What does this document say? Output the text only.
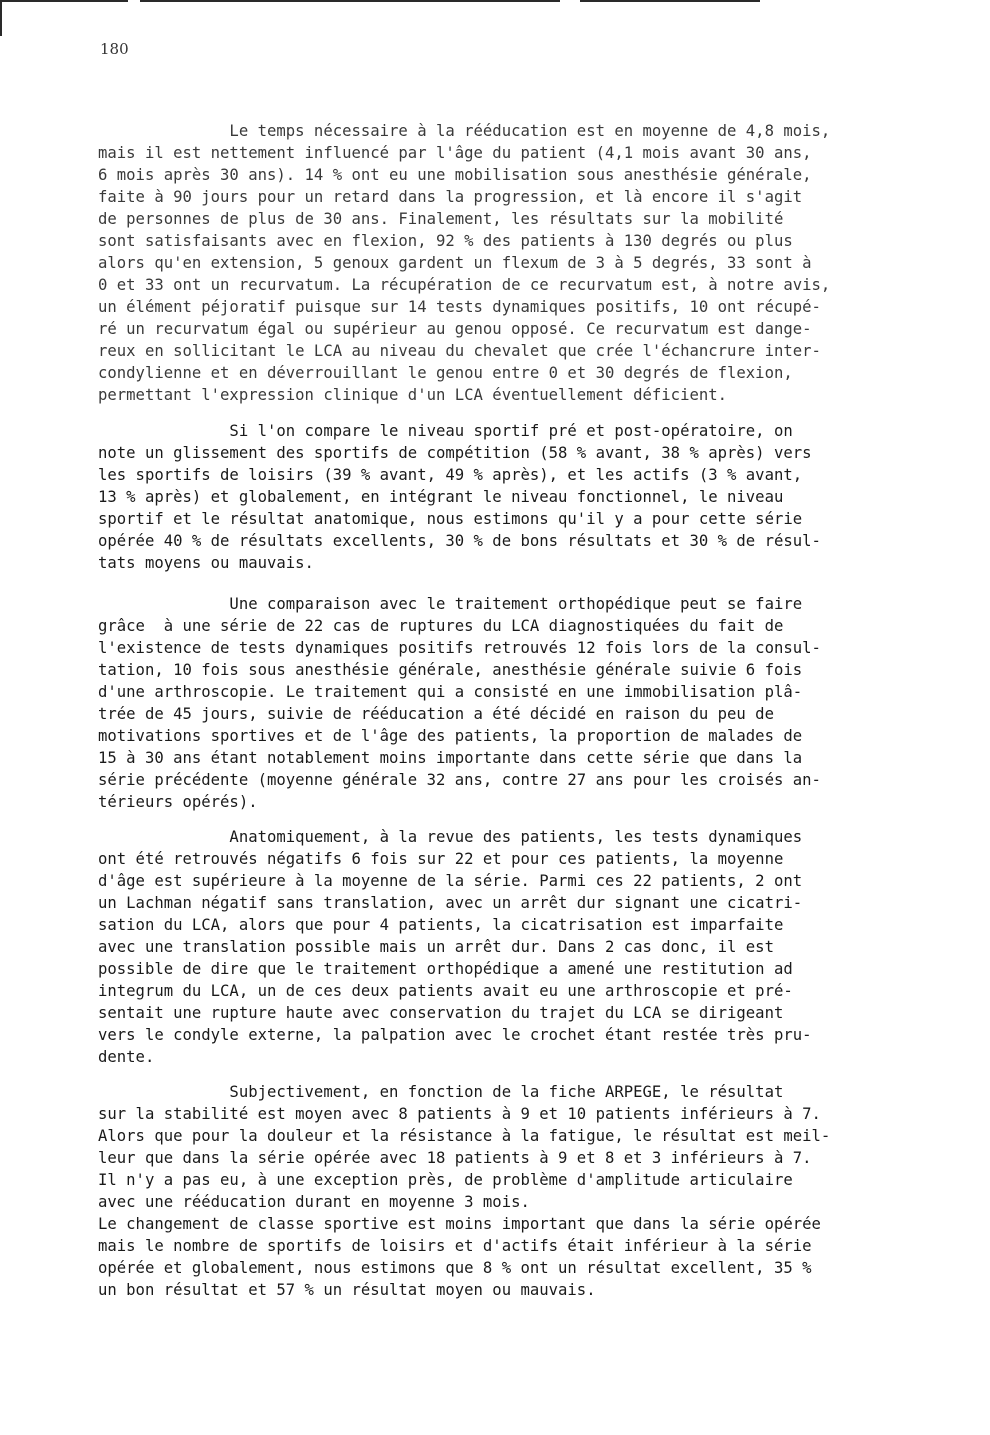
180
Le temps nécessaire à la rééducation est en moyenne de 4,8 mois,
mais il est nettement influencé par l'âge du patient (4,1 mois avant 30 ans,
6 mois après 30 ans). 14 % ont eu une mobilisation sous anesthésie générale,
faite à 90 jours pour un retard dans la progression, et là encore il s'agit
de personnes de plus de 30 ans. Finalement, les résultats sur la mobilité
sont satisfaisants avec en flexion, 92 % des patients à 130 degrés ou plus
alors qu'en extension, 5 genoux gardent un flexum de 3 à 5 degrés, 33 sont à
0 et 33 ont un recurvatum. La récupération de ce recurvatum est, à notre avis,
un élément péjoratif puisque sur 14 tests dynamiques positifs, 10 ont récupé-
ré un recurvatum égal ou supérieur au genou opposé. Ce recurvatum est dange-
reux en sollicitant le LCA au niveau du chevalet que crée l'échancrure inter-
condylienne et en déverrouillant le genou entre 0 et 30 degrés de flexion,
permettant l'expression clinique d'un LCA éventuellement déficient.
Si l'on compare le niveau sportif pré et post-opératoire, on
note un glissement des sportifs de compétition (58 % avant, 38 % après) vers
les sportifs de loisirs (39 % avant, 49 % après), et les actifs (3 % avant,
13 % après) et globalement, en intégrant le niveau fonctionnel, le niveau
sportif et le résultat anatomique, nous estimons qu'il y a pour cette série
opérée 40 % de résultats excellents, 30 % de bons résultats et 30 % de résul-
tats moyens ou mauvais.
Une comparaison avec le traitement orthopédique peut se faire
grâce  à une série de 22 cas de ruptures du LCA diagnostiquées du fait de
l'existence de tests dynamiques positifs retrouvés 12 fois lors de la consul-
tation, 10 fois sous anesthésie générale, anesthésie générale suivie 6 fois
d'une arthroscopie. Le traitement qui a consisté en une immobilisation plâ-
trée de 45 jours, suivie de rééducation a été décidé en raison du peu de
motivations sportives et de l'âge des patients, la proportion de malades de
15 à 30 ans étant notablement moins importante dans cette série que dans la
série précédente (moyenne générale 32 ans, contre 27 ans pour les croisés an-
térieurs opérés).
Anatomiquement, à la revue des patients, les tests dynamiques
ont été retrouvés négatifs 6 fois sur 22 et pour ces patients, la moyenne
d'âge est supérieure à la moyenne de la série. Parmi ces 22 patients, 2 ont
un Lachman négatif sans translation, avec un arrêt dur signant une cicatri-
sation du LCA, alors que pour 4 patients, la cicatrisation est imparfaite
avec une translation possible mais un arrêt dur. Dans 2 cas donc, il est
possible de dire que le traitement orthopédique a amené une restitution ad
integrum du LCA, un de ces deux patients avait eu une arthroscopie et pré-
sentait une rupture haute avec conservation du trajet du LCA se dirigeant
vers le condyle externe, la palpation avec le crochet étant restée très pru-
dente.
Subjectivement, en fonction de la fiche ARPEGE, le résultat
sur la stabilité est moyen avec 8 patients à 9 et 10 patients inférieurs à 7.
Alors que pour la douleur et la résistance à la fatigue, le résultat est meil-
leur que dans la série opérée avec 18 patients à 9 et 8 et 3 inférieurs à 7.
Il n'y a pas eu, à une exception près, de problème d'amplitude articulaire
avec une rééducation durant en moyenne 3 mois.
Le changement de classe sportive est moins important que dans la série opérée
mais le nombre de sportifs de loisirs et d'actifs était inférieur à la série
opérée et globalement, nous estimons que 8 % ont un résultat excellent, 35 %
un bon résultat et 57 % un résultat moyen ou mauvais.
